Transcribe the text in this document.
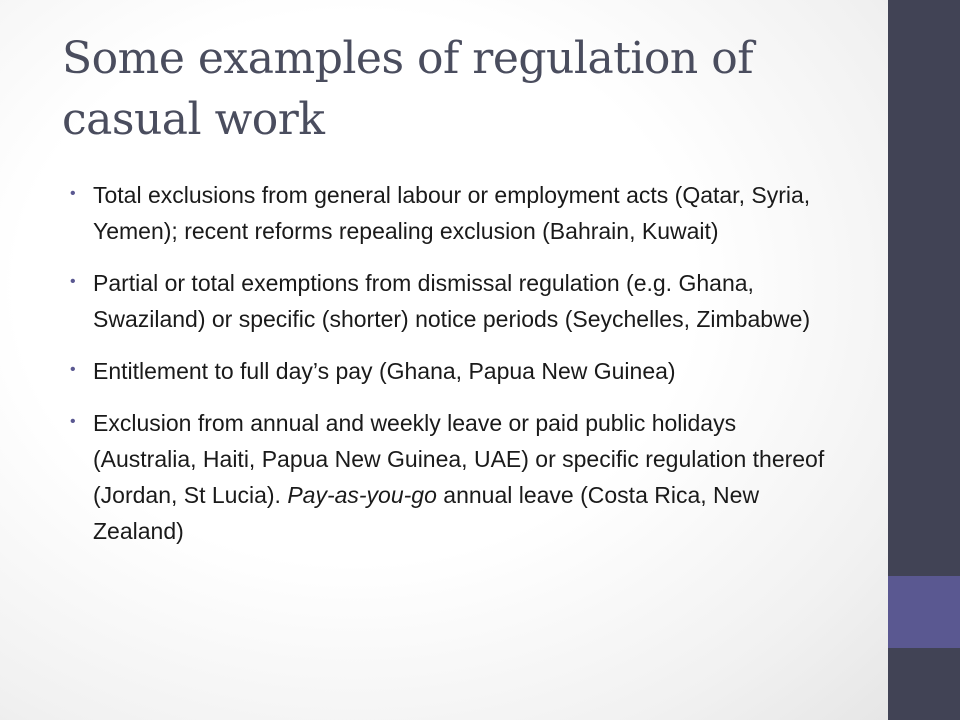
Some examples of regulation of casual work
• Total exclusions from general labour or employment acts (Qatar, Syria, Yemen); recent reforms repealing exclusion (Bahrain, Kuwait)
• Partial or total exemptions from dismissal regulation (e.g. Ghana, Swaziland) or specific (shorter) notice periods (Seychelles, Zimbabwe)
• Entitlement to full day’s pay (Ghana, Papua New Guinea)
• Exclusion from annual and weekly leave or paid public holidays (Australia, Haiti, Papua New Guinea, UAE) or specific regulation thereof (Jordan, St Lucia). Pay-as-you-go annual leave (Costa Rica, New Zealand)
